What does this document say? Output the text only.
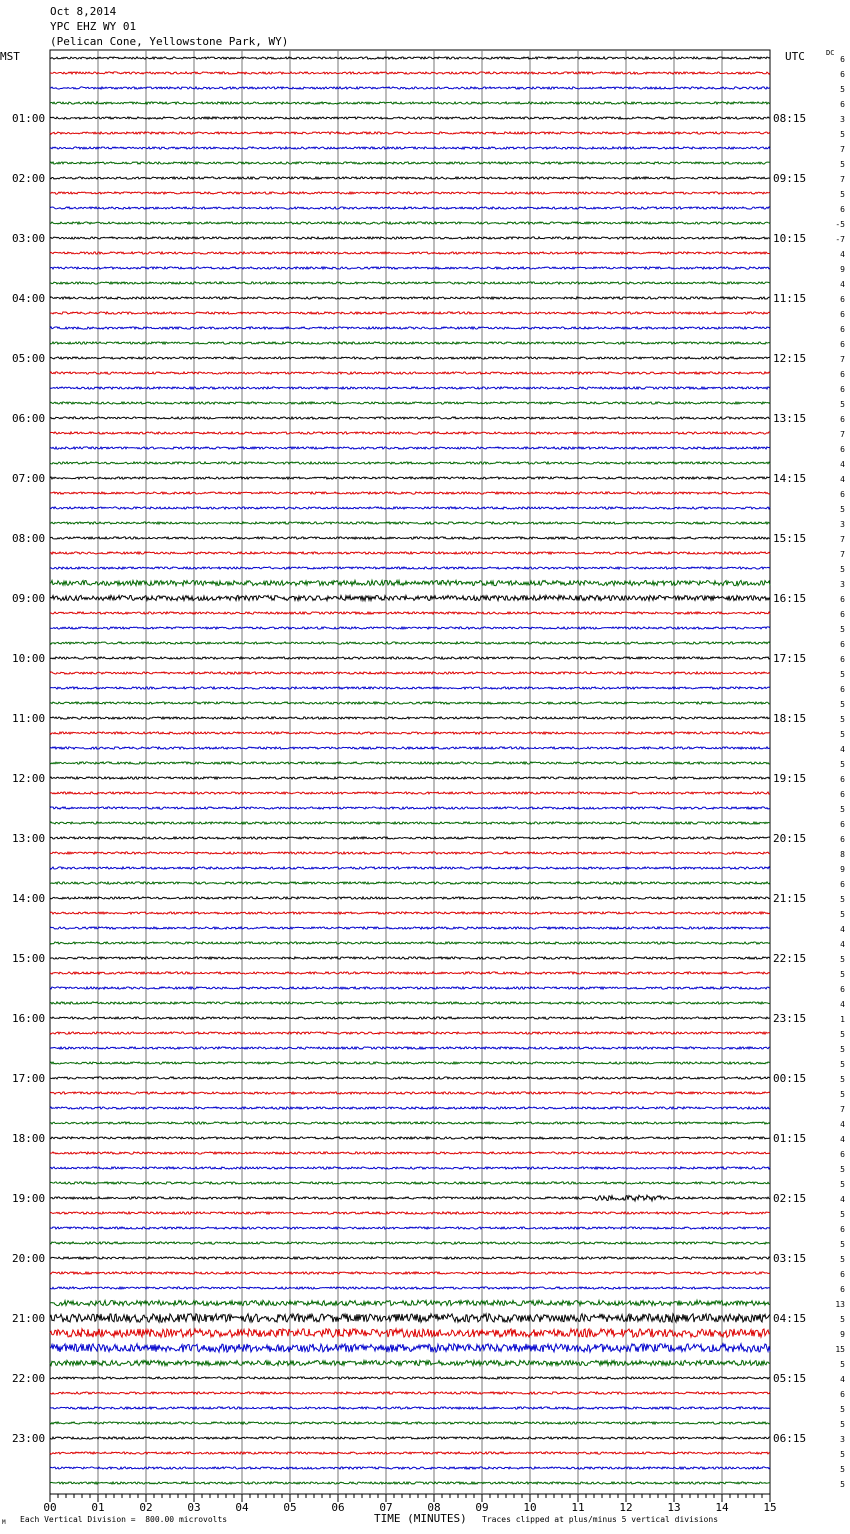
Oct 8,2014
YPC EHZ WY 01
(Pelican Cone, Yellowstone Park, WY)
MST	UTC	DC
01:00	08:15
02:00	09:15
03:00	10:15
04:00	11:15
05:00	12:15
06:00	13:15
07:00	14:15
08:00	15:15
09:00	16:15
10:00	17:15
11:00	18:15
12:00	19:15
13:00	20:15
14:00	21:15
15:00	22:15
16:00	23:15
17:00	00:15
18:00	01:15
19:00	02:15
20:00	03:15
21:00	04:15
22:00	05:15
23:00	06:15
6
6
5
6
3
5
7
5
7
5
6
-5
-7
4
9
4
6
6
6
6
7
6
6
5
6
7
6
4
4
6
5
3
7
7
5
3
6
6
5
6
6
5
6
5
5
5
4
5
6
6
5
6
6
8
9
6
5
5
4
4
5
5
6
4
1
5
5
5
5
5
7
4
4
6
5
5
4
5
6
5
5
6
6
13
5
9
15
5
4
6
5
5
3
5
5
5
00	01	02	03	04	05	06	07	08	09	10	11	12	13	14	15
M Each Vertical Division =  800.00 microvolts	TIME (MINUTES) Traces clipped at plus/minus 5 vertical divisions
